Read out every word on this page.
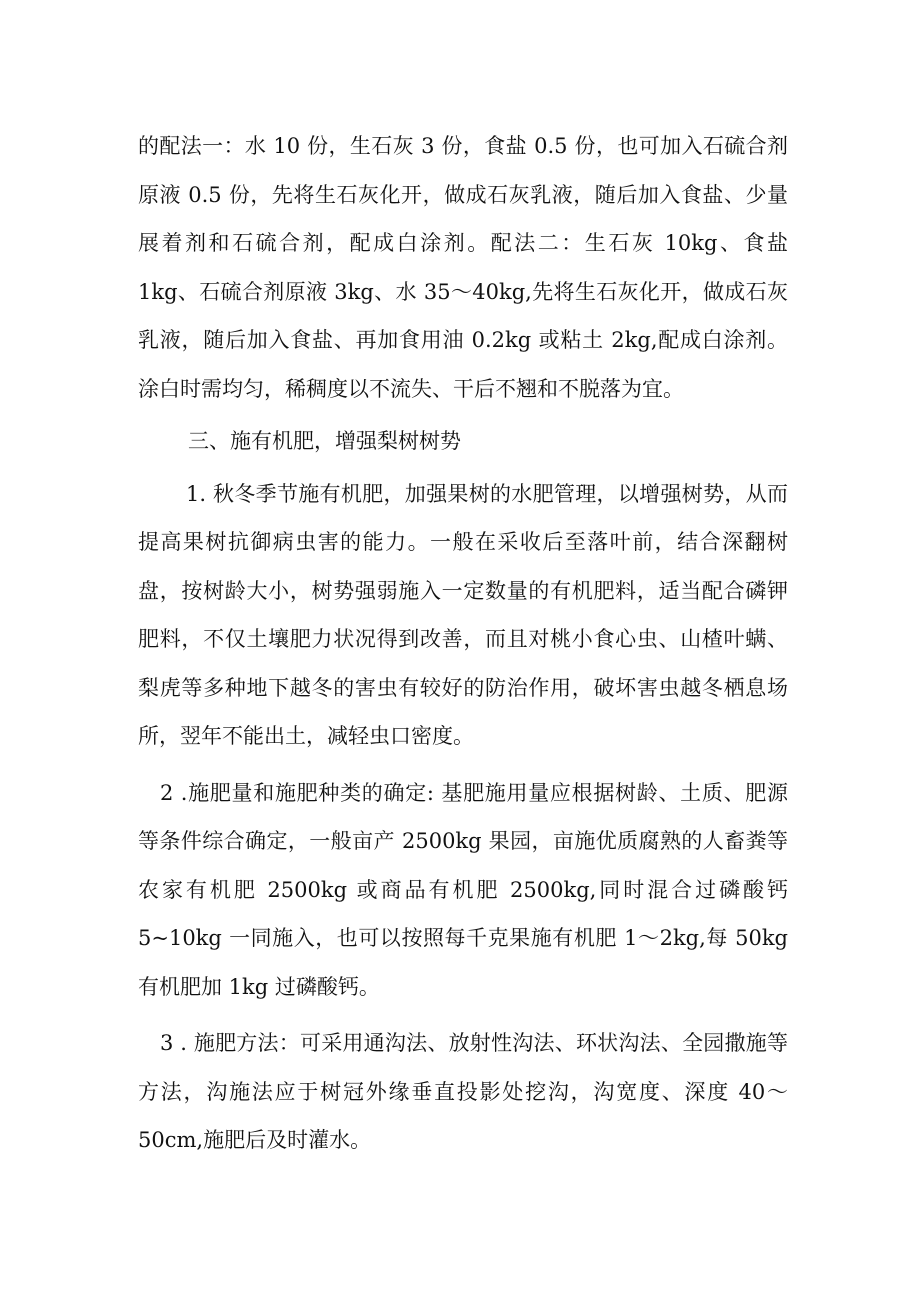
的配法一：水 10 份，生石灰 3 份，食盐 0.5 份，也可加入石硫合剂原液 0.5 份，先将生石灰化开，做成石灰乳液，随后加入食盐、少量展着剂和石硫合剂，配成白涂剂。配法二：生石灰 10kg、食盐 1kg、石硫合剂原液 3kg、水 35～40kg,先将生石灰化开，做成石灰乳液，随后加入食盐、再加食用油 0.2kg 或粘土 2kg,配成白涂剂。涂白时需均匀，稀稠度以不流失、干后不翘和不脱落为宜。

三、施有机肥，增强梨树树势

1. 秋冬季节施有机肥，加强果树的水肥管理，以增强树势，从而提高果树抗御病虫害的能力。一般在采收后至落叶前，结合深翻树盘，按树龄大小，树势强弱施入一定数量的有机肥料，适当配合磷钾肥料，不仅土壤肥力状况得到改善，而且对桃小食心虫、山楂叶螨、梨虎等多种地下越冬的害虫有较好的防治作用，破坏害虫越冬栖息场所，翌年不能出土，减轻虫口密度。

2 .施肥量和施肥种类的确定: 基肥施用量应根据树龄、土质、肥源等条件综合确定，一般亩产 2500kg 果园，亩施优质腐熟的人畜粪等农家有机肥 2500kg 或商品有机肥 2500kg,同时混合过磷酸钙 5~10kg 一同施入，也可以按照每千克果施有机肥 1～2kg,每 50kg 有机肥加 1kg 过磷酸钙。

3 . 施肥方法：可采用通沟法、放射性沟法、环状沟法、全园撒施等方法，沟施法应于树冠外缘垂直投影处挖沟，沟宽度、深度 40～50cm,施肥后及时灌水。
